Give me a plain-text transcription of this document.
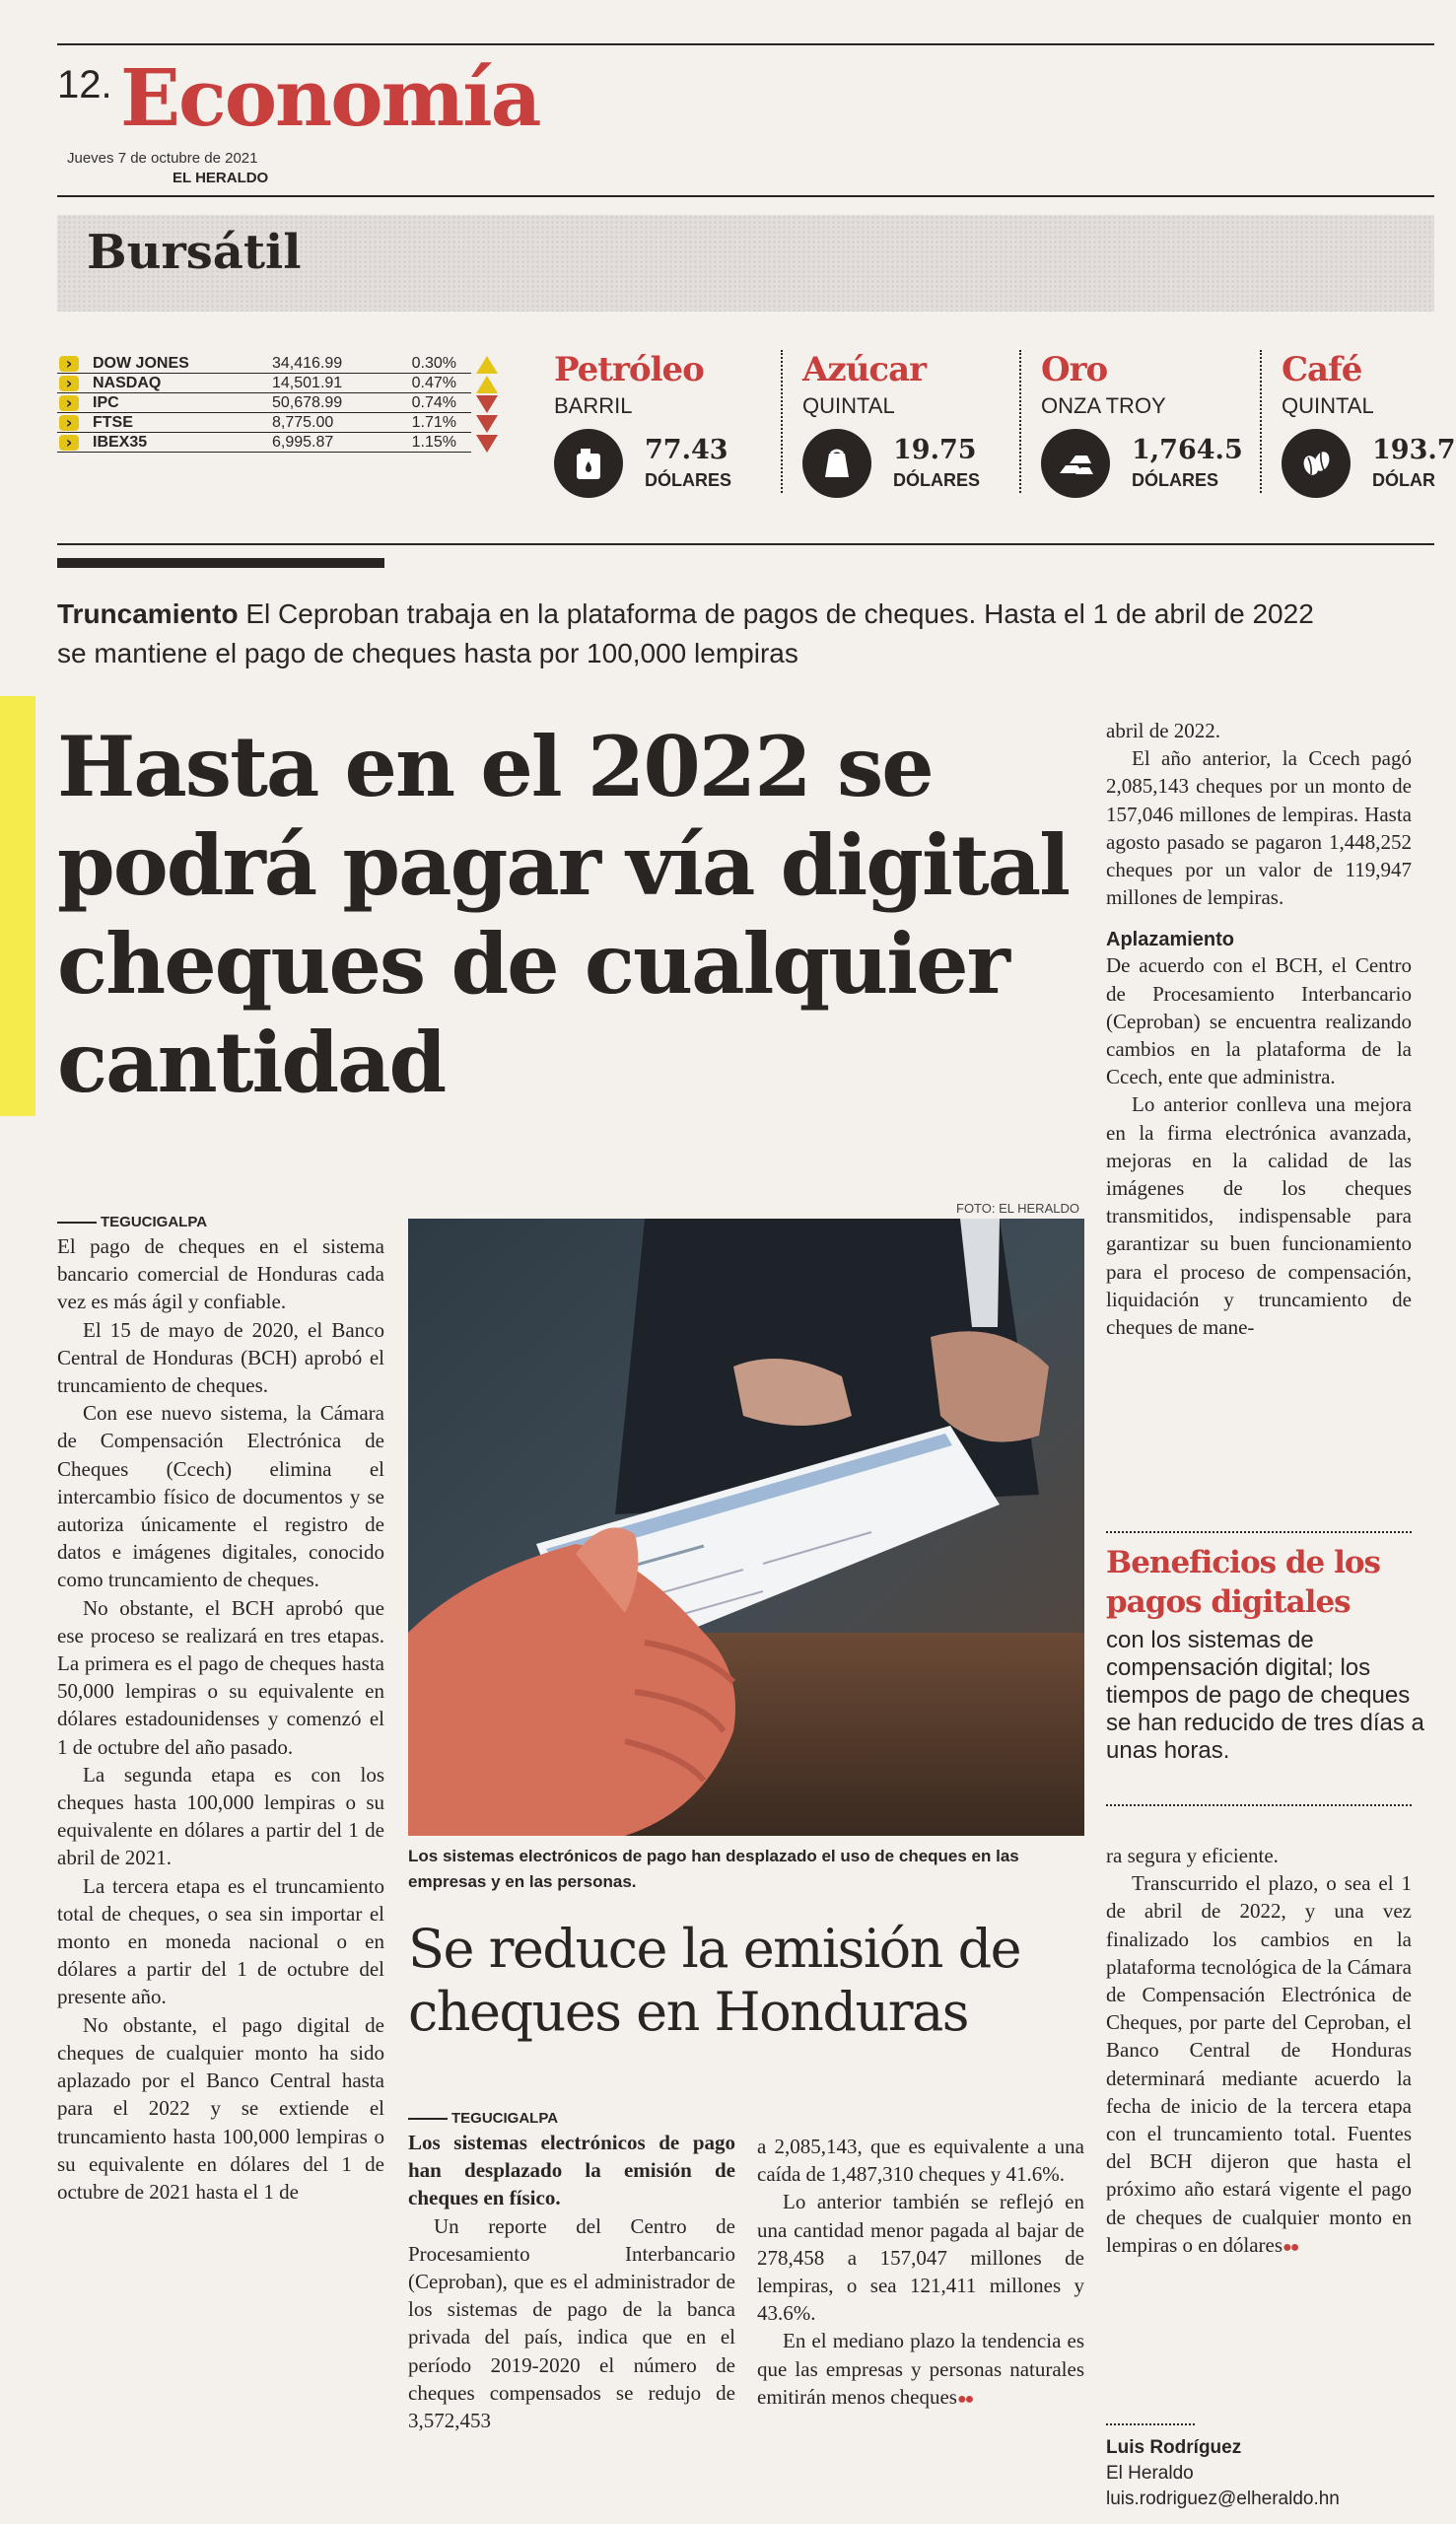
12. Economía
Jueves 7 de octubre de 2021
EL HERALDO
Bursátil
›	DOW JONES	34,416.99	0.30%
›	NASDAQ	14,501.91	0.47%
›	IPC	50,678.99	0.74%
›	FTSE	8,775.00	1.71%
›	IBEX35	6,995.87	1.15%
Petróleo
BARRIL
77.43
DÓLARES
Azúcar
QUINTAL
19.75
DÓLARES
Oro
ONZA TROY
1,764.5
DÓLARES
Café
QUINTAL
193.7
DÓLAR
Truncamiento El Ceproban trabaja en la plataforma de pagos de cheques. Hasta el 1 de abril de 2022 se mantiene el pago de cheques hasta por 100,000 lempiras
Hasta en el 2022 se podrá pagar vía digital cheques de cualquier cantidad
TEGUCIGALPA

El pago de cheques en el sistema bancario comercial de Honduras cada vez es más ágil y confiable.

El 15 de mayo de 2020, el Banco Central de Honduras (BCH) aprobó el truncamiento de cheques.

Con ese nuevo sistema, la Cámara de Compensación Electrónica de Cheques (Ccech) elimina el intercambio físico de documentos y se autoriza únicamente el registro de datos e imágenes digitales, conocido como truncamiento de cheques.

No obstante, el BCH aprobó que ese proceso se realizará en tres etapas. La primera es el pago de cheques hasta 50,000 lempiras o su equivalente en dólares estadounidenses y comenzó el 1 de octubre del año pasado.

La segunda etapa es con los cheques hasta 100,000 lempiras o su equivalente en dólares a partir del 1 de abril de 2021.

La tercera etapa es el truncamiento total de cheques, o sea sin importar el monto en moneda nacional o en dólares a partir del 1 de octubre del presente año.

No obstante, el pago digital de cheques de cualquier monto ha sido aplazado por el Banco Central hasta para el 2022 y se extiende el truncamiento hasta 100,000 lempiras o su equivalente en dólares del 1 de octubre de 2021 hasta el 1 de

FOTO: EL HERALDO
Los sistemas electrónicos de pago han desplazado el uso de cheques en las empresas y en las personas.
Se reduce la emisión de cheques en Honduras
TEGUCIGALPA

Los sistemas electrónicos de pago han desplazado la emisión de cheques en físico.

Un reporte del Centro de Procesamiento Interbancario (Ceproban), que es el administrador de los sistemas de pago de la banca privada del país, indica que en el período 2019-2020 el número de cheques compensados se redujo de 3,572,453

a 2,085,143, que es equivalente a una caída de 1,487,310 cheques y 41.6%.

Lo anterior también se reflejó en una cantidad menor pagada al bajar de 278,458 a 157,047 millones de lempiras, o sea 121,411 millones y 43.6%.

En el mediano plazo la tendencia es que las empresas y personas naturales emitirán menos cheques●●

abril de 2022.

El año anterior, la Ccech pagó 2,085,143 cheques por un monto de 157,046 millones de lempiras. Hasta agosto pasado se pagaron 1,448,252 cheques por un valor de 119,947 millones de lempiras.

Aplazamiento

De acuerdo con el BCH, el Centro de Procesamiento Interbancario (Ceproban) se encuentra realizando cambios en la plataforma de la Ccech, ente que administra.

Lo anterior conlleva una mejora en la firma electrónica avanzada, mejoras en la calidad de las imágenes de los cheques transmitidos, indispensable para garantizar su buen funcionamiento para el proceso de compensación, liquidación y truncamiento de cheques de mane-

Beneficios de los pagos digitales
con los sistemas de compensación digital; los tiempos de pago de cheques se han reducido de tres días a unas horas.

ra segura y eficiente.

Transcurrido el plazo, o sea el 1 de abril de 2022, y una vez finalizado los cambios en la plataforma tecnológica de la Cámara de Compensación Electrónica de Cheques, por parte del Ceproban, el Banco Central de Honduras determinará mediante acuerdo la fecha de inicio de la tercera etapa con el truncamiento total. Fuentes del BCH dijeron que hasta el próximo año estará vigente el pago de cheques de cualquier monto en lempiras o en dólares●●

Luis Rodríguez
El Heraldo
luis.rodriguez@elheraldo.hn
